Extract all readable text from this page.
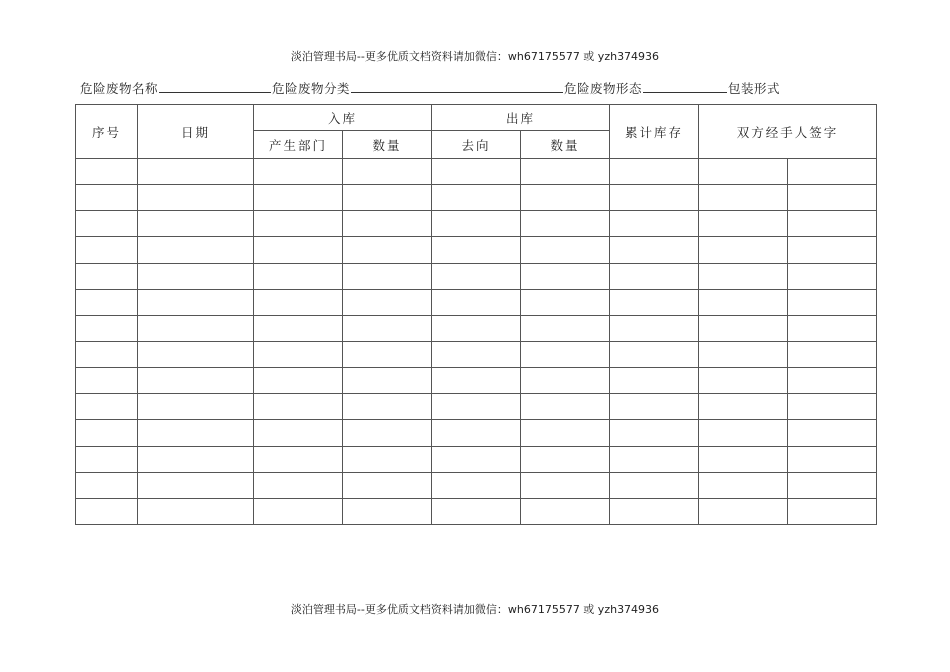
淡泊管理书局--更多优质文档资料请加微信：wh67175577 或 yzh374936
危险废物名称	危险废物分类	危险废物形态	包装形式
序号	日期	入库		出库		累计库存	双方经手人签字	
		产生部门	数量	去向	数量			

淡泊管理书局--更多优质文档资料请加微信：wh67175577 或 yzh374936
